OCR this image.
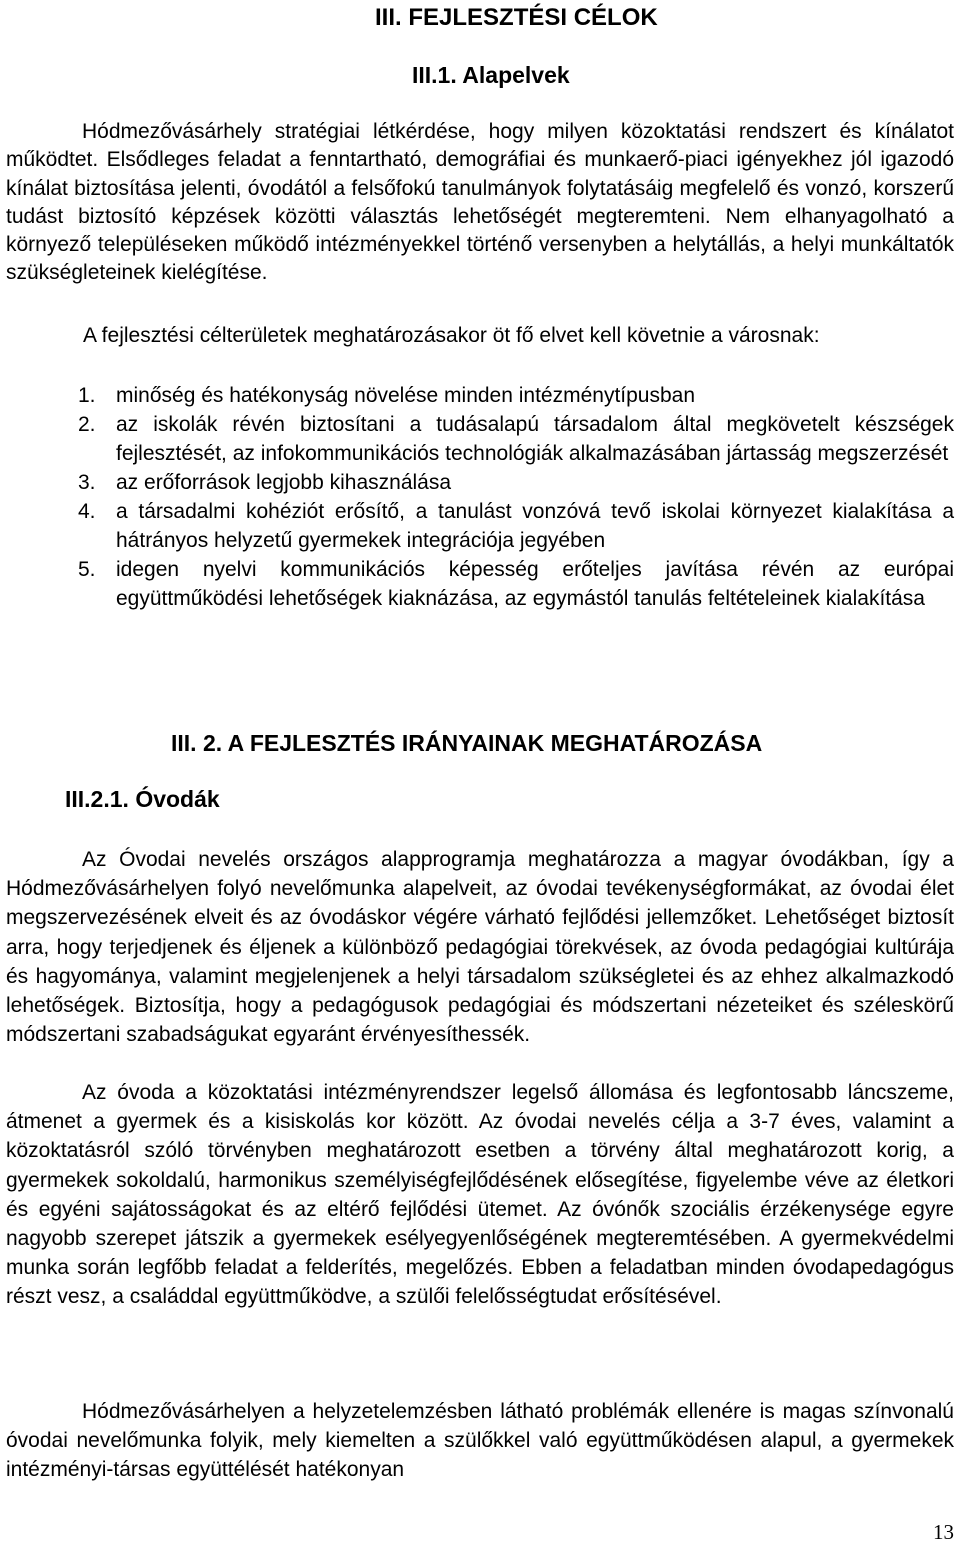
III. FEJLESZTÉSI CÉLOK
III.1. Alapelvek

Hódmezővásárhely stratégiai létkérdése, hogy milyen közoktatási rendszert és kínálatot működtet. Elsődleges feladat a fenntartható, demográfiai és munkaerő-piaci igényekhez jól igazodó kínálat biztosítása jelenti, óvodától a felsőfokú tanulmányok folytatásáig megfelelő és vonzó, korszerű tudást biztosító képzések közötti választás lehetőségét megteremteni. Nem elhanyagolható a környező településeken működő intézményekkel történő versenyben a helytállás, a helyi munkáltatók szükségleteinek kielégítése.

A fejlesztési célterületek meghatározásakor öt fő elvet kell követnie a városnak:

1. minőség és hatékonyság növelése minden intézménytípusban
2. az iskolák révén biztosítani a tudásalapú társadalom által megkövetelt készségek fejlesztését, az infokommunikációs technológiák alkalmazásában jártasság megszerzését
3. az erőforrások legjobb kihasználása
4. a társadalmi kohéziót erősítő, a tanulást vonzóvá tevő iskolai környezet kialakítása a hátrányos helyzetű gyermekek integrációja jegyében
5. idegen nyelvi kommunikációs képesség erőteljes javítása révén az európai együttműködési lehetőségek kiaknázása, az egymástól tanulás feltételeinek kialakítása
III. 2. A FEJLESZTÉS IRÁNYAINAK MEGHATÁROZÁSA
III.2.1. Óvodák

Az Óvodai nevelés országos alapprogramja meghatározza a magyar óvodákban, így a Hódmezővásárhelyen folyó nevelőmunka alapelveit, az óvodai tevékenységformákat, az óvodai élet megszervezésének elveit és az óvodáskor végére várható fejlődési jellemzőket. Lehetőséget biztosít arra, hogy terjedjenek és éljenek a különböző pedagógiai törekvések, az óvoda pedagógiai kultúrája és hagyománya, valamint megjelenjenek a helyi társadalom szükségletei és az ehhez alkalmazkodó lehetőségek. Biztosítja, hogy a pedagógusok pedagógiai és módszertani nézeteiket és széleskörű módszertani szabadságukat egyaránt érvényesíthessék.

Az óvoda a közoktatási intézményrendszer legelső állomása és legfontosabb láncszeme, átmenet a gyermek és a kisiskolás kor között. Az óvodai nevelés célja a 3-7 éves, valamint a közoktatásról szóló törvényben meghatározott esetben a törvény által meghatározott korig, a gyermekek sokoldalú, harmonikus személyiségfejlődésének elősegítése, figyelembe véve az életkori és egyéni sajátosságokat és az eltérő fejlődési ütemet. Az óvónők szociális érzékenysége egyre nagyobb szerepet játszik a gyermekek esélyegyenlőségének megteremtésében. A gyermekvédelmi munka során legfőbb feladat a felderítés, megelőzés. Ebben a feladatban minden óvodapedagógus részt vesz, a családdal együttműködve, a szülői felelősségtudat erősítésével.

Hódmezővásárhelyen a helyzetelemzésben látható problémák ellenére is magas színvonalú óvodai nevelőmunka folyik, mely kiemelten a szülőkkel való együttműködésen alapul, a gyermekek intézményi-társas együttélését hatékonyan

13
